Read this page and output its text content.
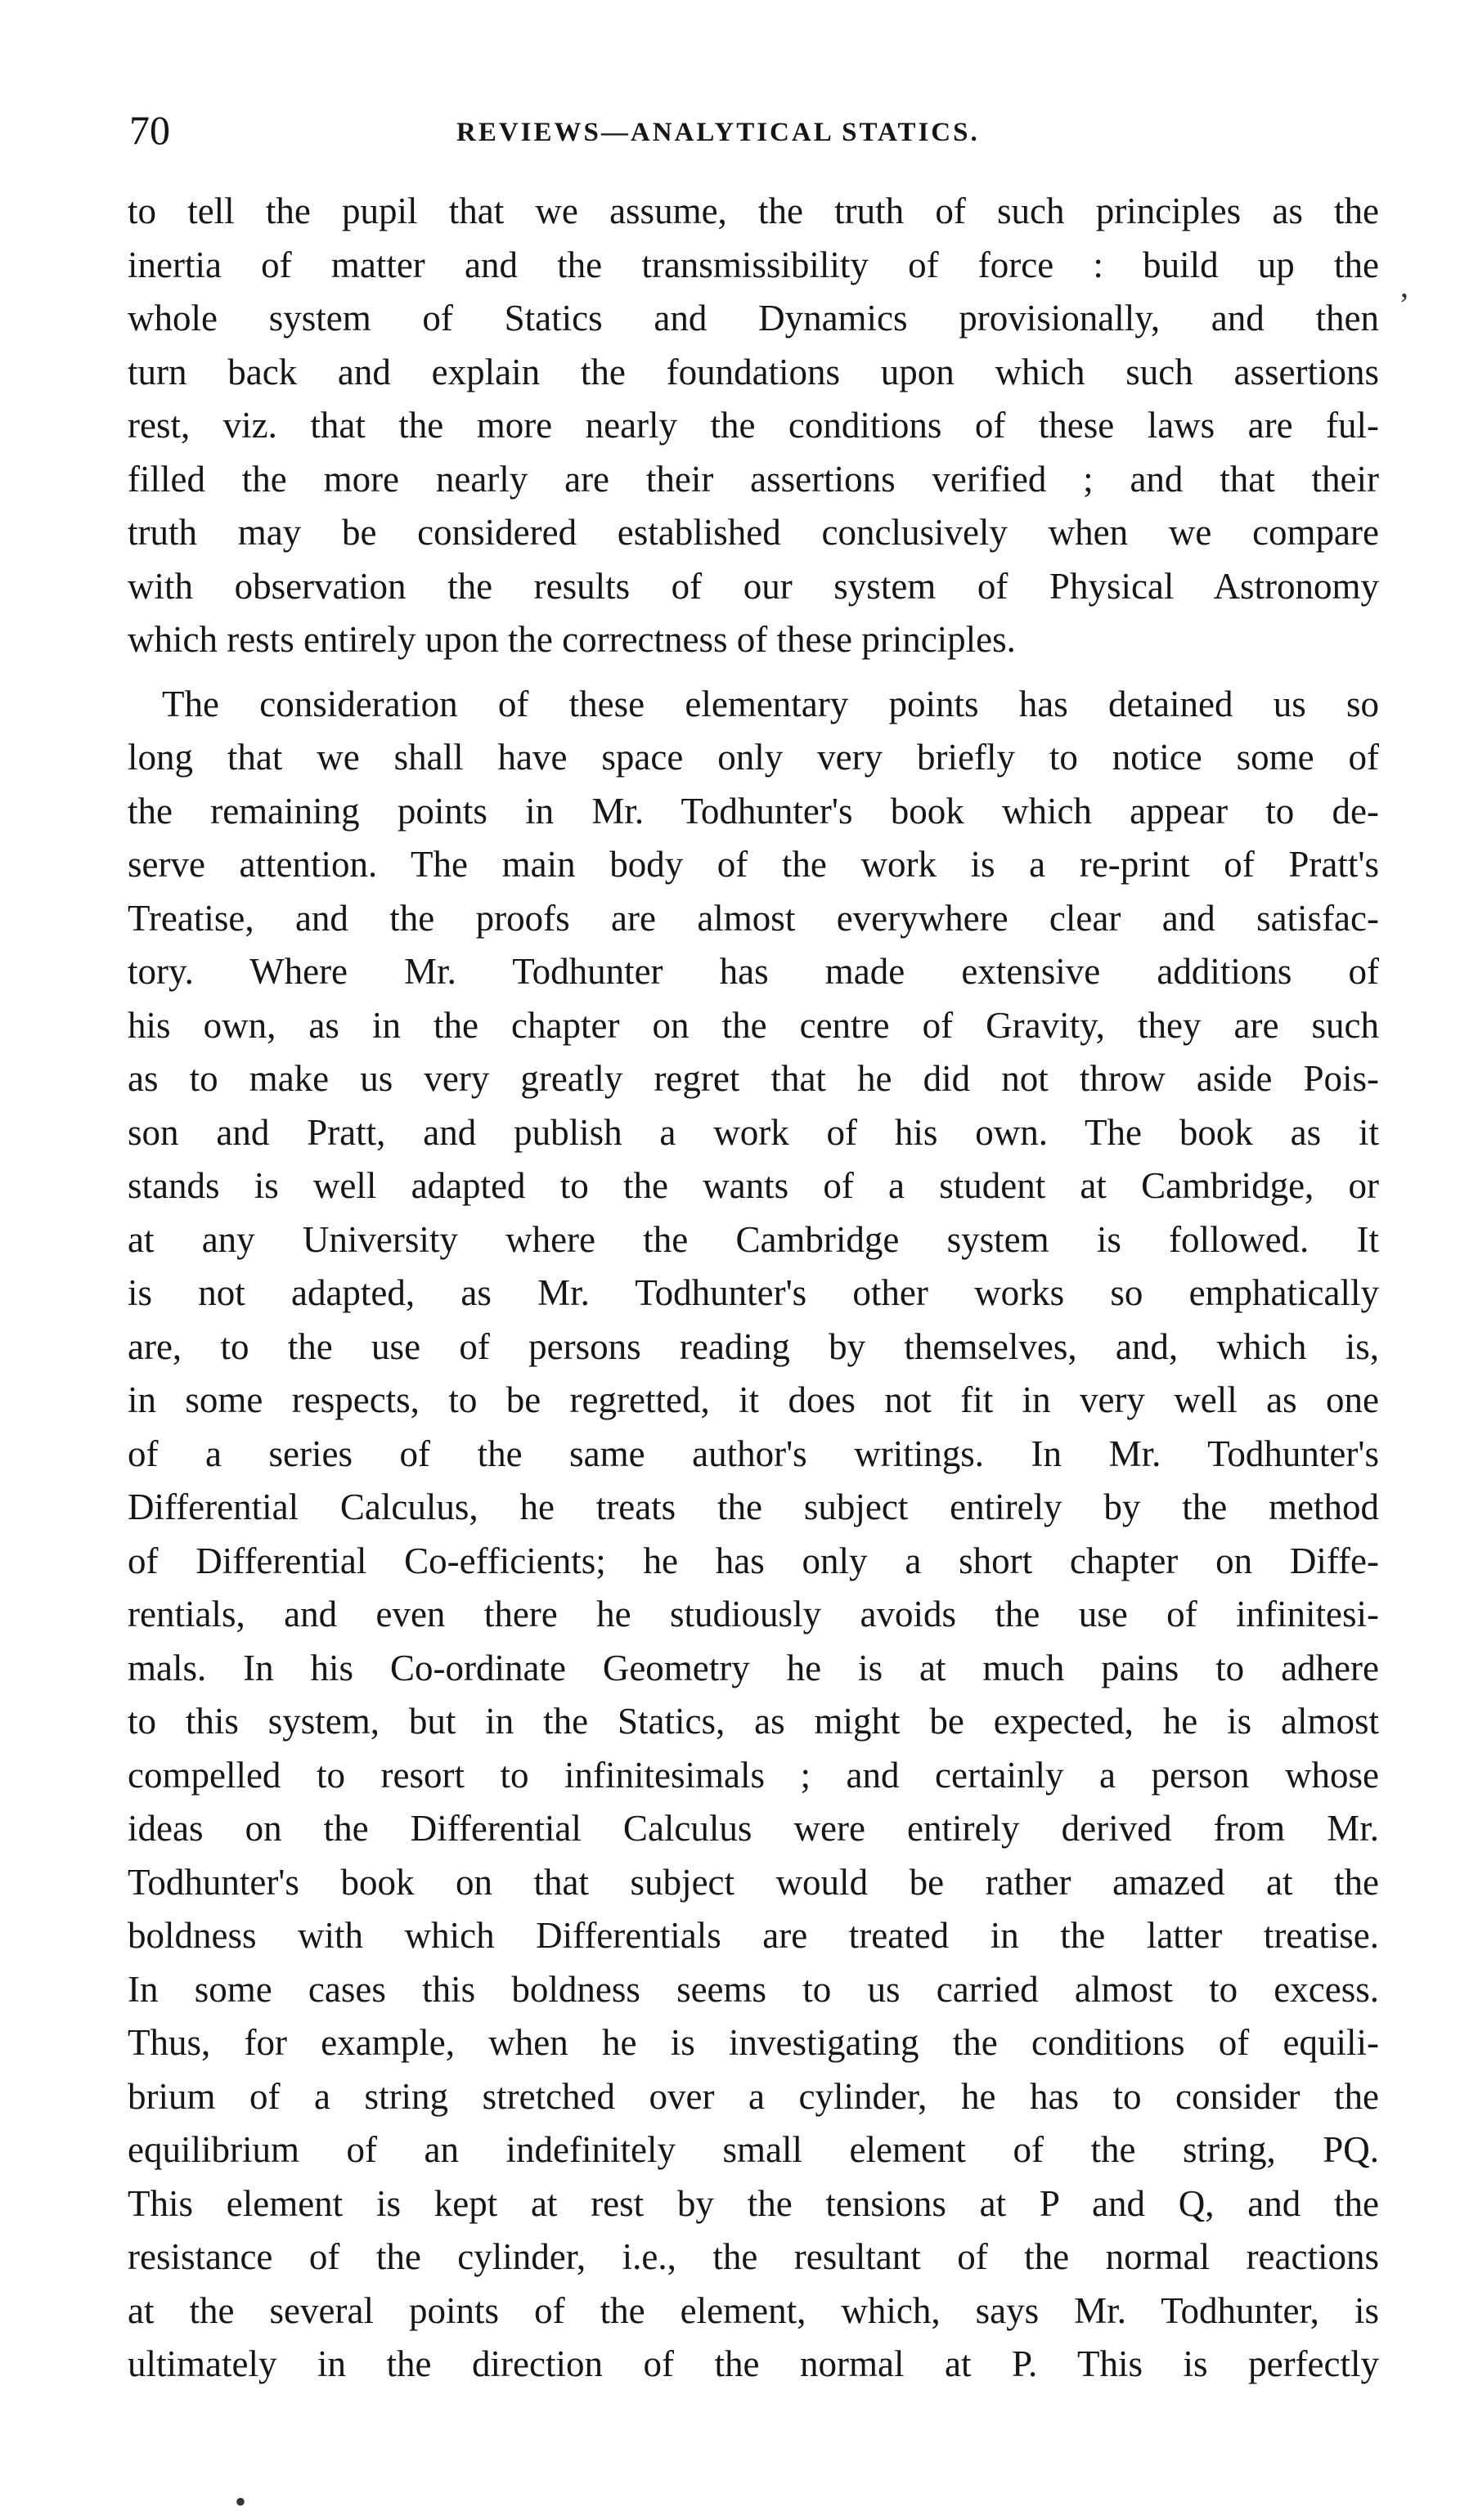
70	REVIEWS—ANALYTICAL STATICS.
to tell the pupil that we assume, the truth of such principles as the
inertia of matter and the transmissibility of force : build up the
whole system of Statics and Dynamics provisionally, and then
turn back and explain the foundations upon which such assertions
rest, viz. that the more nearly the conditions of these laws are ful-
filled the more nearly are their assertions verified ; and that their
truth may be considered established conclusively when we compare
with observation the results of our system of Physical Astronomy
which rests entirely upon the correctness of these principles.
The consideration of these elementary points has detained us so
long that we shall have space only very briefly to notice some of
the remaining points in Mr. Todhunter's book which appear to de-
serve attention. The main body of the work is a re-print of Pratt's
Treatise, and the proofs are almost everywhere clear and satisfac-
tory. Where Mr. Todhunter has made extensive additions of
his own, as in the chapter on the centre of Gravity, they are such
as to make us very greatly regret that he did not throw aside Pois-
son and Pratt, and publish a work of his own. The book as it
stands is well adapted to the wants of a student at Cambridge, or
at any University where the Cambridge system is followed. It
is not adapted, as Mr. Todhunter's other works so emphatically
are, to the use of persons reading by themselves, and, which is,
in some respects, to be regretted, it does not fit in very well as one
of a series of the same author's writings. In Mr. Todhunter's
Differential Calculus, he treats the subject entirely by the method
of Differential Co-efficients; he has only a short chapter on Diffe-
rentials, and even there he studiously avoids the use of infinitesi-
mals. In his Co-ordinate Geometry he is at much pains to adhere
to this system, but in the Statics, as might be expected, he is almost
compelled to resort to infinitesimals ; and certainly a person whose
ideas on the Differential Calculus were entirely derived from Mr.
Todhunter's book on that subject would be rather amazed at the
boldness with which Differentials are treated in the latter treatise.
In some cases this boldness seems to us carried almost to excess.
Thus, for example, when he is investigating the conditions of equili-
brium of a string stretched over a cylinder, he has to consider the
equilibrium of an indefinitely small element of the string, PQ.
This element is kept at rest by the tensions at P and Q, and the
resistance of the cylinder, i.e., the resultant of the normal reactions
at the several points of the element, which, says Mr. Todhunter, is
ultimately in the direction of the normal at P. This is perfectly
,
•
